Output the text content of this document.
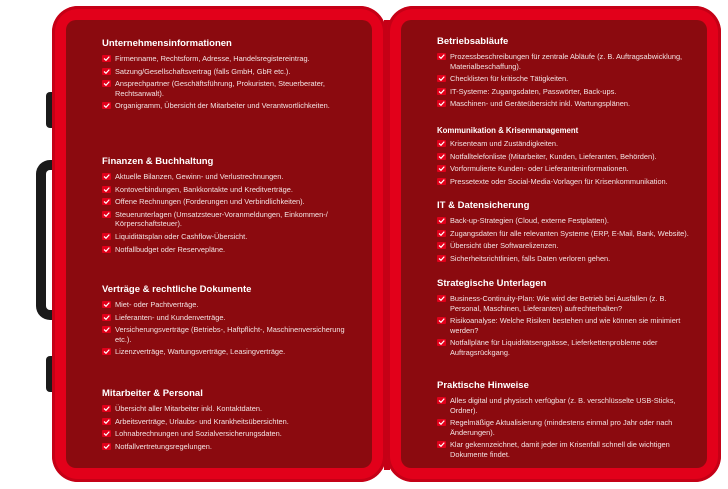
Unternehmensinformationen
Firmenname, Rechtsform, Adresse, Handelsregistereintrag.
Satzung/Gesellschaftsvertrag (falls GmbH, GbR etc.).
Ansprechpartner (Geschäftsführung, Prokuristen, Steuerberater, Rechtsanwalt).
Organigramm, Übersicht der Mitarbeiter und Verantwortlichkeiten.
Finanzen & Buchhaltung
Aktuelle Bilanzen, Gewinn- und Verlustrechnungen.
Kontoverbindungen, Bankkontakte und Kreditverträge.
Offene Rechnungen (Forderungen und Verbindlichkeiten).
Steuerunterlagen (Umsatzsteuer-Voranmeldungen, Einkommen-/ Körperschaftsteuer).
Liquiditätsplan oder Cashflow-Übersicht.
Notfallbudget oder Reservepläne.
Verträge & rechtliche Dokumente
Miet- oder Pachtverträge.
Lieferanten- und Kundenverträge.
Versicherungsverträge (Betriebs-, Haftpflicht-, Maschinenversicherung etc.).
Lizenzverträge, Wartungsverträge, Leasingverträge.
Mitarbeiter & Personal
Übersicht aller Mitarbeiter inkl. Kontaktdaten.
Arbeitsverträge, Urlaubs- und Krankheitsübersichten.
Lohnabrechnungen und Sozialversicherungsdaten.
Notfallvertretungsregelungen.
Betriebsabläufe
Prozessbeschreibungen für zentrale Abläufe (z. B. Auftragsabwicklung, Materialbeschaffung).
Checklisten für kritische Tätigkeiten.
IT-Systeme: Zugangsdaten, Passwörter, Back-ups.
Maschinen- und Geräteübersicht inkl. Wartungsplänen.
Kommunikation & Krisenmanagement
Krisenteam und Zuständigkeiten.
Notfalltelefonliste (Mitarbeiter, Kunden, Lieferanten, Behörden).
Vorformulierte Kunden- oder Lieferanteninformationen.
Pressetexte oder Social-Media-Vorlagen für Krisenkommunikation.
IT & Datensicherung
Back-up-Strategien (Cloud, externe Festplatten).
Zugangsdaten für alle relevanten Systeme (ERP, E-Mail, Bank, Website).
Übersicht über Softwarelizenzen.
Sicherheitsrichtlinien, falls Daten verloren gehen.
Strategische Unterlagen
Business-Continuity-Plan: Wie wird der Betrieb bei Ausfällen (z. B. Personal, Maschinen, Lieferanten) aufrechterhalten?
Risikoanalyse: Welche Risiken bestehen und wie können sie minimiert werden?
Notfallpläne für Liquiditätsengpässe, Lieferkettenprobleme oder Auftragsrückgang.
Praktische Hinweise
Alles digital und physisch verfügbar (z. B. verschlüsselte USB-Sticks, Ordner).
Regelmäßige Aktualisierung (mindestens einmal pro Jahr oder nach Änderungen).
Klar gekennzeichnet, damit jeder im Krisenfall schnell die wichtigen Dokumente findet.
